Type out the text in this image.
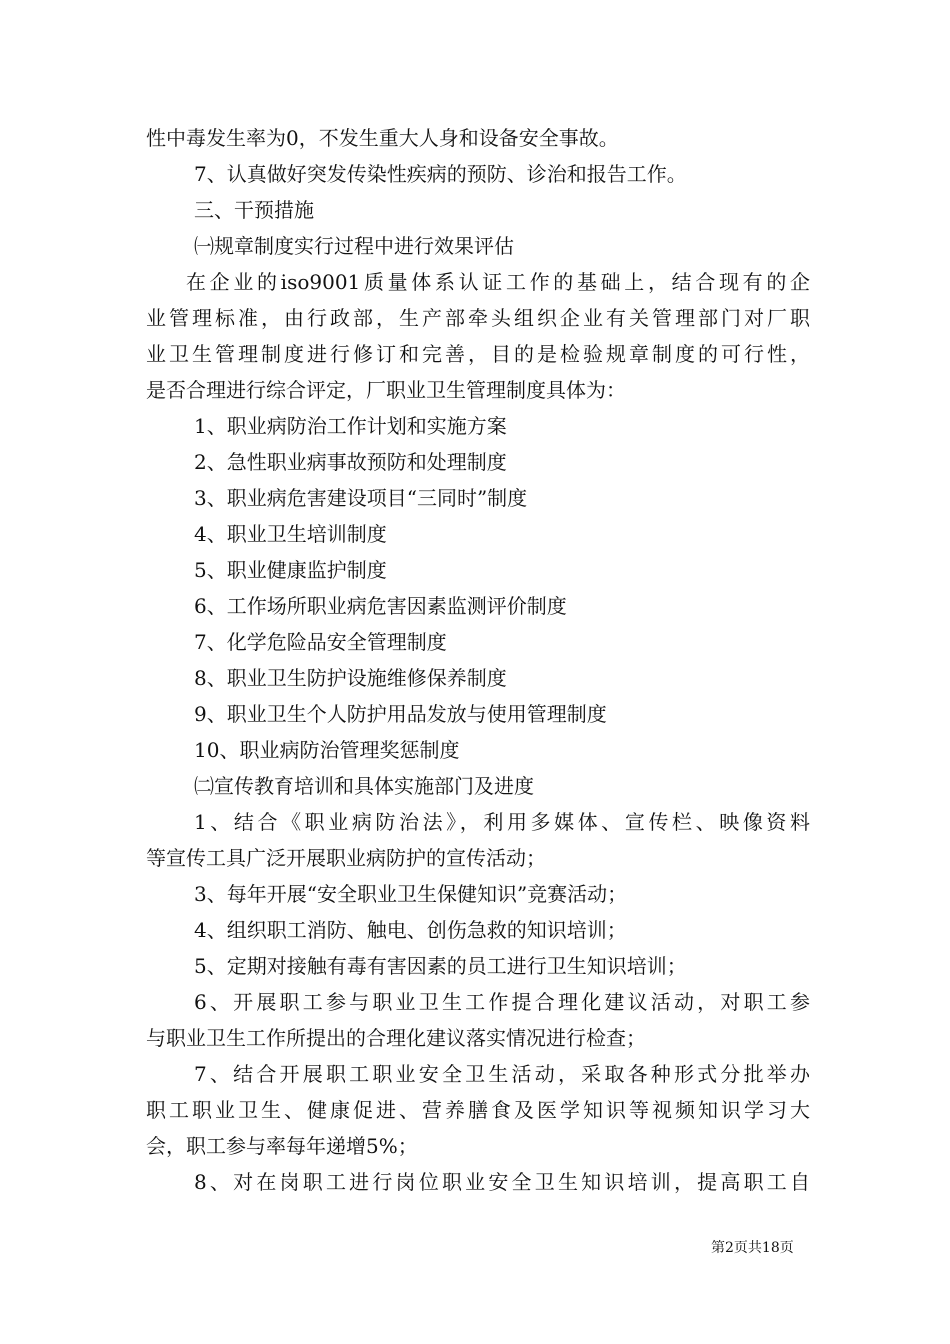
性中毒发生率为0，不发生重大人身和设备安全事故。
7、认真做好突发传染性疾病的预防、诊治和报告工作。
三、干预措施
㈠规章制度实行过程中进行效果评估
在企业的iso9001质量体系认证工作的基础上，结合现有的企
业管理标准，由行政部，生产部牵头组织企业有关管理部门对厂职
业卫生管理制度进行修订和完善，目的是检验规章制度的可行性，
是否合理进行综合评定，厂职业卫生管理制度具体为：
1、职业病防治工作计划和实施方案
2、急性职业病事故预防和处理制度
3、职业病危害建设项目“三同时”制度
4、职业卫生培训制度
5、职业健康监护制度
6、工作场所职业病危害因素监测评价制度
7、化学危险品安全管理制度
8、职业卫生防护设施维修保养制度
9、职业卫生个人防护用品发放与使用管理制度
10、职业病防治管理奖惩制度
㈡宣传教育培训和具体实施部门及进度
1、结合《职业病防治法》，利用多媒体、宣传栏、映像资料
等宣传工具广泛开展职业病防护的宣传活动；
3、每年开展“安全职业卫生保健知识”竞赛活动；
4、组织职工消防、触电、创伤急救的知识培训；
5、定期对接触有毒有害因素的员工进行卫生知识培训；
6、开展职工参与职业卫生工作提合理化建议活动，对职工参
与职业卫生工作所提出的合理化建议落实情况进行检查；
7、结合开展职工职业安全卫生活动，采取各种形式分批举办
职工职业卫生、健康促进、营养膳食及医学知识等视频知识学习大
会，职工参与率每年递增5%；
8、对在岗职工进行岗位职业安全卫生知识培训，提高职工自
第2页共18页
